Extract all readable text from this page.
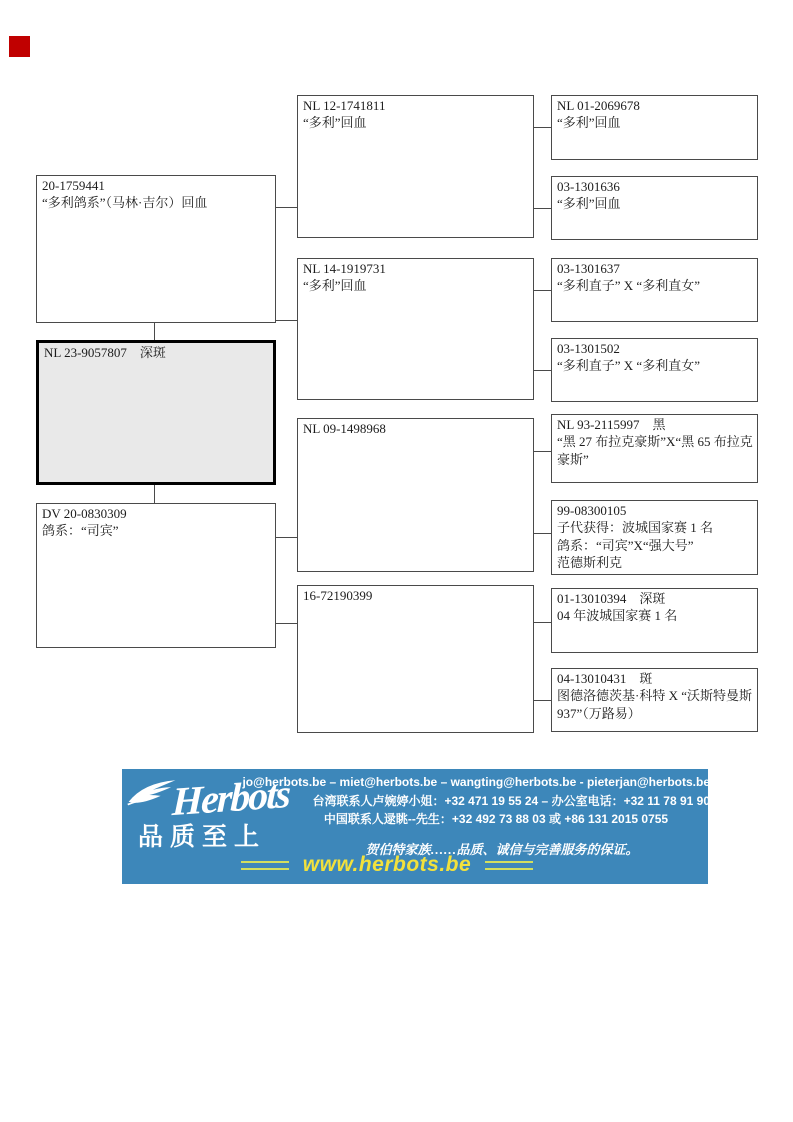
20-1759441
“多利鸽系”（马林·吉尔）回血
NL 23-9057807　深斑
DV 20-0830309
鸽系：“司宾”
NL 12-1741811
“多利”回血
NL 14-1919731
“多利”回血
NL 09-1498968
16-72190399
NL 01-2069678
“多利”回血
03-1301636
“多利”回血
03-1301637
“多利直子” X “多利直女”
03-1301502
“多利直子” X “多利直女”
NL 93-2115997　黑
“黑 27 布拉克豪斯”X“黑 65 布拉克豪斯”
99-08300105
子代获得：波城国家赛 1 名
鸽系：“司宾”X“强大号”
范德斯利克
01-13010394　深斑
04 年波城国家赛 1 名
04-13010431　斑
图德洛德茨基·科特 X “沃斯特曼斯 937”（万路易）
Herbots
品质至上
jo@herbots.be – miet@herbots.be – wangting@herbots.be - pieterjan@herbots.be
台湾联系人卢婉婷小姐：+32 471 19 55 24 – 办公室电话：+32 11 78 91 90
中国联系人逯眺--先生：+32 492 73 88 03 或 +86 131 2015 0755
贺伯特家族……品质、诚信与完善服务的保证。
www.herbots.be
